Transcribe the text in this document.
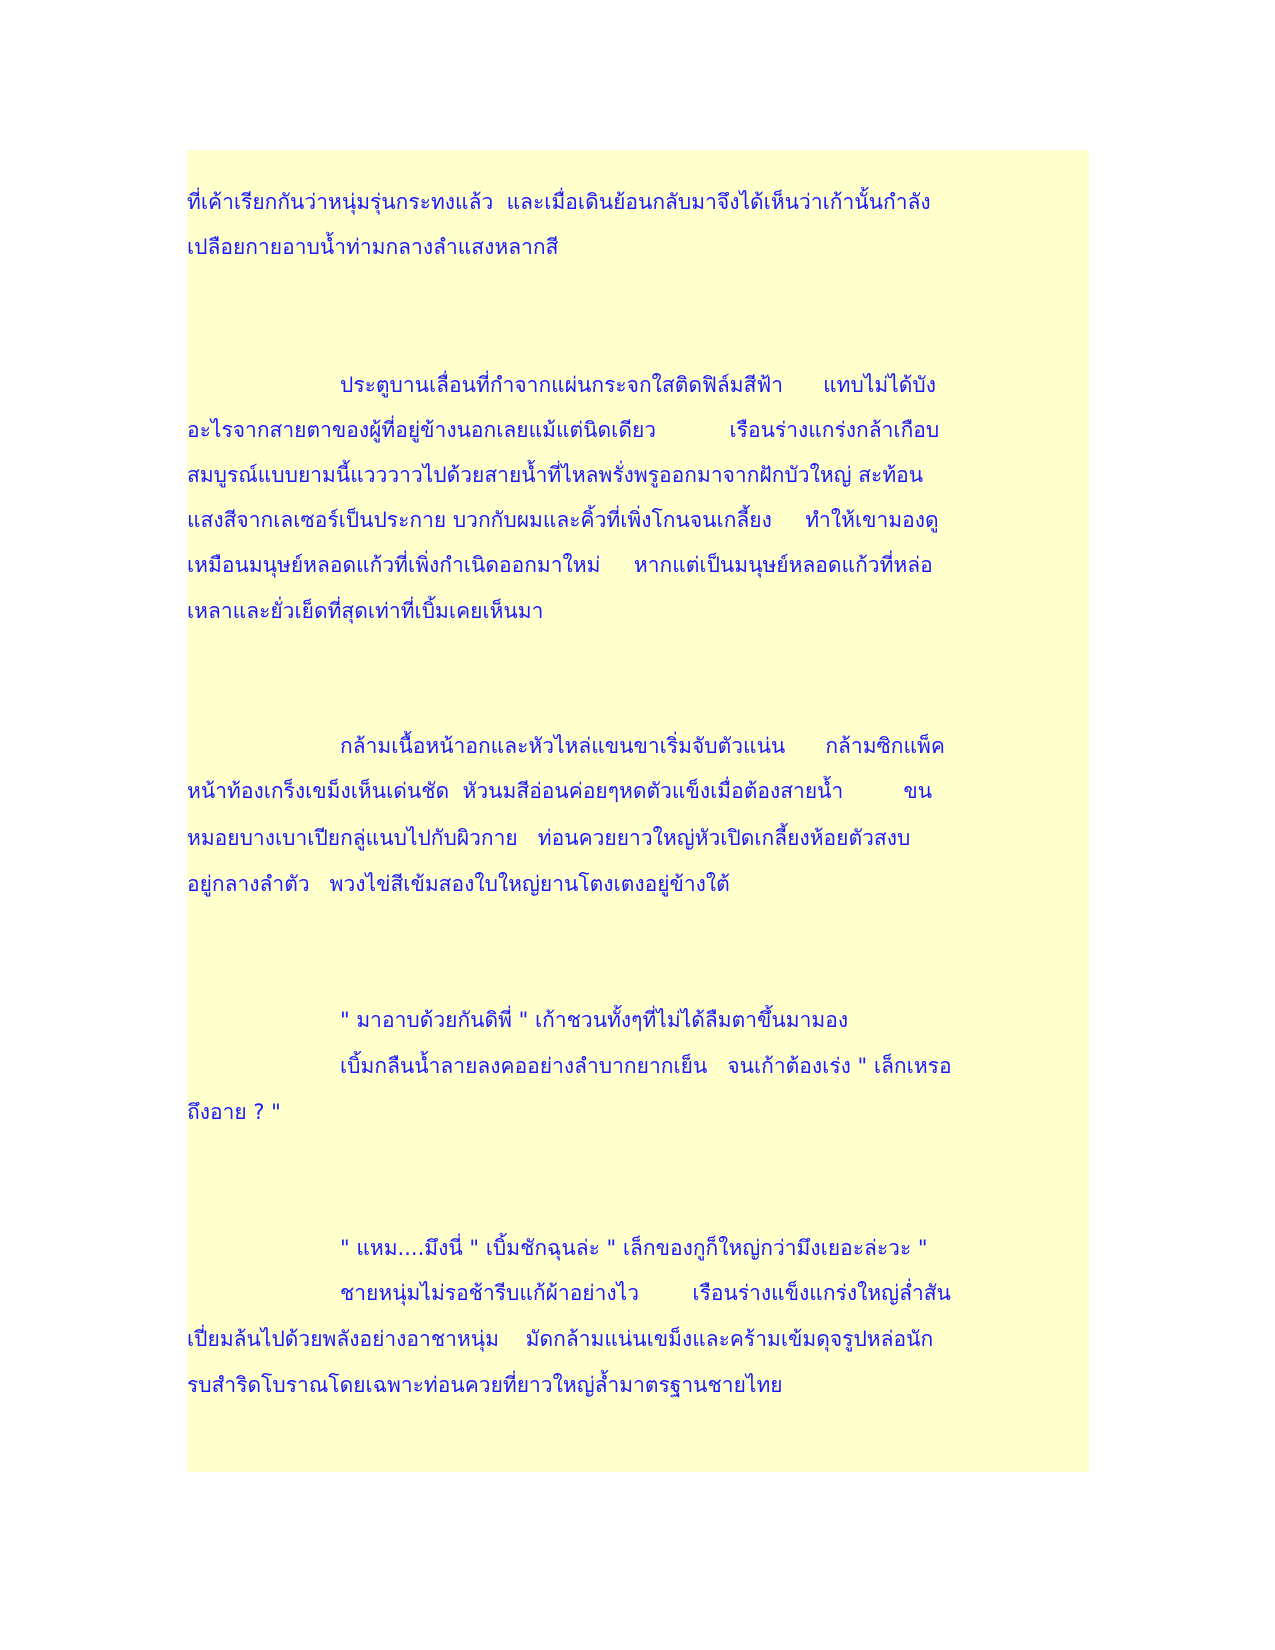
ที่เค้าเรียกกันว่าหนุ่มรุ่นกระทงแล้ว  และเมื่อเดินย้อนกลับมาจึงได้เห็นว่าเก้านั้นกำลัง
เปลือยกายอาบน้ำท่ามกลางลำแสงหลากสี
ประตูบานเลื่อนที่กำจากแผ่นกระจกใสติดฟิล์มสีฟ้า      แทบไม่ได้บัง
อะไรจากสายตาของผู้ที่อยู่ข้างนอกเลยแม้แต่นิดเดียว           เรือนร่างแกร่งกล้าเกือบ
สมบูรณ์แบบยามนี้แวววาวไปด้วยสายน้ำที่ไหลพรั่งพรูออกมาจากฝักบัวใหญ่ สะท้อน
แสงสีจากเลเซอร์เป็นประกาย บวกกับผมและคิ้วที่เพิ่งโกนจนเกลี้ยง     ทำให้เขามองดู
เหมือนมนุษย์หลอดแก้วที่เพิ่งกำเนิดออกมาใหม่     หากแต่เป็นมนุษย์หลอดแก้วที่หล่อ
เหลาและยั่วเย็ดที่สุดเท่าที่เบิ้มเคยเห็นมา
กล้ามเนื้อหน้าอกและหัวไหล่แขนขาเริ่มจับตัวแน่น      กล้ามซิกแพ็ค
หน้าท้องเกร็งเขม็งเห็นเด่นชัด  หัวนมสีอ่อนค่อยๆหดตัวแข็งเมื่อต้องสายน้ำ         ขน
หมอยบางเบาเปียกลู่แนบไปกับผิวกาย   ท่อนควยยาวใหญ่หัวเปิดเกลี้ยงห้อยตัวสงบ
อยู่กลางลำตัว   พวงไข่สีเข้มสองใบใหญ่ยานโตงเตงอยู่ข้างใต้
" มาอาบด้วยกันดิพี่ " เก้าชวนทั้งๆที่ไม่ได้ลืมตาขึ้นมามอง
เบิ้มกลืนน้ำลายลงคออย่างลำบากยากเย็น   จนเก้าต้องเร่ง " เล็กเหรอ
ถึงอาย ? "
" แหม....มึงนี่ " เบิ้มชักฉุนล่ะ " เล็กของกูก็ใหญ่กว่ามึงเยอะล่ะวะ "
ชายหนุ่มไม่รอช้ารีบแก้ผ้าอย่างไว        เรือนร่างแข็งแกร่งใหญ่ล่ำสัน
เปี่ยมล้นไปด้วยพลังอย่างอาชาหนุ่ม    มัดกล้ามแน่นเขม็งและคร้ามเข้มดุจรูปหล่อนัก
รบสำริดโบราณโดยเฉพาะท่อนควยที่ยาวใหญ่ล้ำมาตรฐานชายไทย
